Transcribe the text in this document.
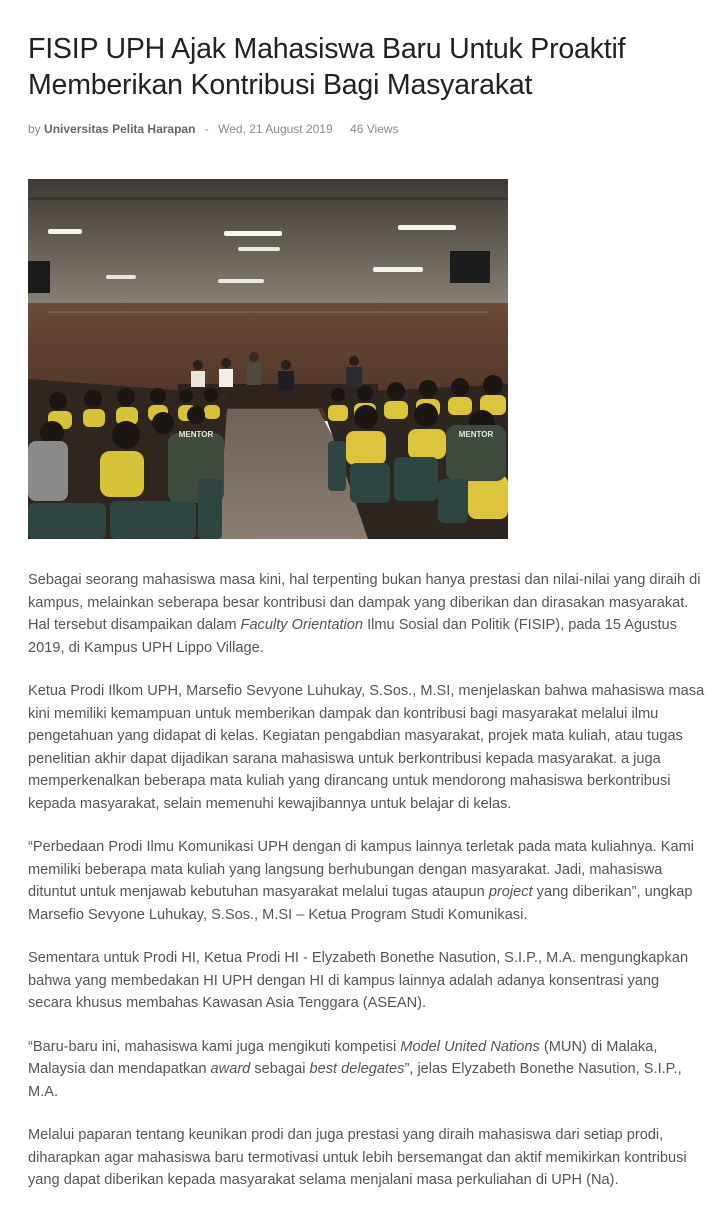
FISIP UPH Ajak Mahasiswa Baru Untuk Proaktif Memberikan Kontribusi Bagi Masyarakat
by Universitas Pelita Harapan - Wed, 21 August 2019 46 Views
MENTOR	MENTOR

Sebagai seorang mahasiswa masa kini, hal terpenting bukan hanya prestasi dan nilai-nilai yang diraih di kampus, melainkan seberapa besar kontribusi dan dampak yang diberikan dan dirasakan masyarakat. Hal tersebut disampaikan dalam Faculty Orientation Ilmu Sosial dan Politik (FISIP), pada 15 Agustus 2019, di Kampus UPH Lippo Village.

Ketua Prodi Ilkom UPH, Marsefio Sevyone Luhukay, S.Sos., M.SI, menjelaskan bahwa mahasiswa masa kini memiliki kemampuan untuk memberikan dampak dan kontribusi bagi masyarakat melalui ilmu pengetahuan yang didapat di kelas. Kegiatan pengabdian masyarakat, projek mata kuliah, atau tugas penelitian akhir dapat dijadikan sarana mahasiswa untuk berkontribusi kepada masyarakat. a juga memperkenalkan beberapa mata kuliah yang dirancang untuk mendorong mahasiswa berkontribusi kepada masyarakat, selain memenuhi kewajibannya untuk belajar di kelas.

“Perbedaan Prodi Ilmu Komunikasi UPH dengan di kampus lainnya terletak pada mata kuliahnya. Kami memiliki beberapa mata kuliah yang langsung berhubungan dengan masyarakat. Jadi, mahasiswa dituntut untuk menjawab kebutuhan masyarakat melalui tugas ataupun project yang diberikan”, ungkap Marsefio Sevyone Luhukay, S.Sos., M.SI – Ketua Program Studi Komunikasi.

Sementara untuk Prodi HI, Ketua Prodi HI - Elyzabeth Bonethe Nasution, S.I.P., M.A. mengungkapkan bahwa yang membedakan HI UPH dengan HI di kampus lainnya adalah adanya konsentrasi yang secara khusus membahas Kawasan Asia Tenggara (ASEAN).

“Baru-baru ini, mahasiswa kami juga mengikuti kompetisi Model United Nations (MUN) di Malaka, Malaysia dan mendapatkan award sebagai best delegates”, jelas Elyzabeth Bonethe Nasution, S.I.P., M.A.

Melalui paparan tentang keunikan prodi dan juga prestasi yang diraih mahasiswa dari setiap prodi, diharapkan agar mahasiswa baru termotivasi untuk lebih bersemangat dan aktif memikirkan kontribusi yang dapat diberikan kepada masyarakat selama menjalani masa perkuliahan di UPH (Na).
